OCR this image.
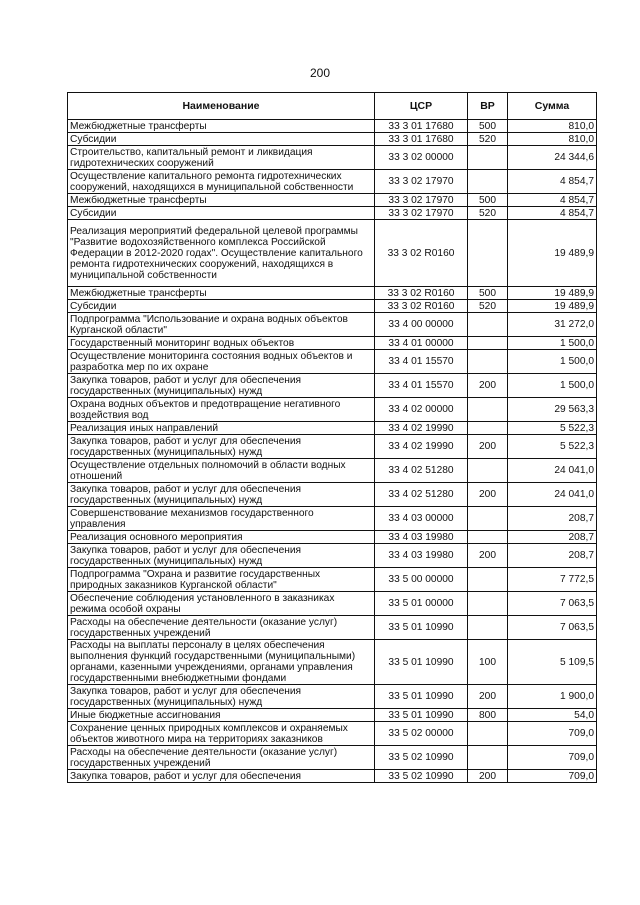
200
Наименование	ЦСР	ВР	Сумма
Межбюджетные трансферты	33 3 01 17680	500	810,0
Субсидии	33 3 01 17680	520	810,0
Строительство, капитальный ремонт и ликвидация гидротехнических сооружений	33 3 02 00000		24 344,6
Осуществление капитального ремонта гидротехнических сооружений, находящихся в муниципальной собственности	33 3 02 17970		4 854,7
Межбюджетные трансферты	33 3 02 17970	500	4 854,7
Субсидии	33 3 02 17970	520	4 854,7
Реализация мероприятий федеральной целевой программы "Развитие водохозяйственного комплекса Российской Федерации в 2012-2020 годах". Осуществление капитального ремонта гидротехнических сооружений, находящихся в муниципальной собственности	33 3 02 R0160		19 489,9
Межбюджетные трансферты	33 3 02 R0160	500	19 489,9
Субсидии	33 3 02 R0160	520	19 489,9
Подпрограмма "Использование и охрана водных объектов Курганской области"	33 4 00 00000		31 272,0
Государственный мониторинг водных объектов	33 4 01 00000		1 500,0
Осуществление мониторинга состояния водных объектов и разработка мер по их охране	33 4 01 15570		1 500,0
Закупка товаров, работ и услуг для обеспечения государственных (муниципальных) нужд	33 4 01 15570	200	1 500,0
Охрана водных объектов и предотвращение негативного воздействия вод	33 4 02 00000		29 563,3
Реализация иных направлений	33 4 02 19990		5 522,3
Закупка товаров, работ и услуг для обеспечения государственных (муниципальных) нужд	33 4 02 19990	200	5 522,3
Осуществление отдельных полномочий в области водных отношений	33 4 02 51280		24 041,0
Закупка товаров, работ и услуг для обеспечения государственных (муниципальных) нужд	33 4 02 51280	200	24 041,0
Совершенствование механизмов государственного управления	33 4 03 00000		208,7
Реализация основного мероприятия	33 4 03 19980		208,7
Закупка товаров, работ и услуг для обеспечения государственных (муниципальных) нужд	33 4 03 19980	200	208,7
Подпрограмма "Охрана и развитие государственных природных заказников Курганской области"	33 5 00 00000		7 772,5
Обеспечение соблюдения установленного в заказниках режима особой охраны	33 5 01 00000		7 063,5
Расходы на обеспечение деятельности (оказание услуг) государственных учреждений	33 5 01 10990		7 063,5
Расходы на выплаты персоналу в целях обеспечения выполнения функций государственными (муниципальными) органами, казенными учреждениями, органами управления государственными внебюджетными фондами	33 5 01 10990	100	5 109,5
Закупка товаров, работ и услуг для обеспечения государственных (муниципальных) нужд	33 5 01 10990	200	1 900,0
Иные бюджетные ассигнования	33 5 01 10990	800	54,0
Сохранение ценных природных комплексов и охраняемых объектов животного мира на территориях заказников	33 5 02 00000		709,0
Расходы на обеспечение деятельности (оказание услуг) государственных учреждений	33 5 02 10990		709,0
Закупка товаров, работ и услуг для обеспечения	33 5 02 10990	200	709,0
